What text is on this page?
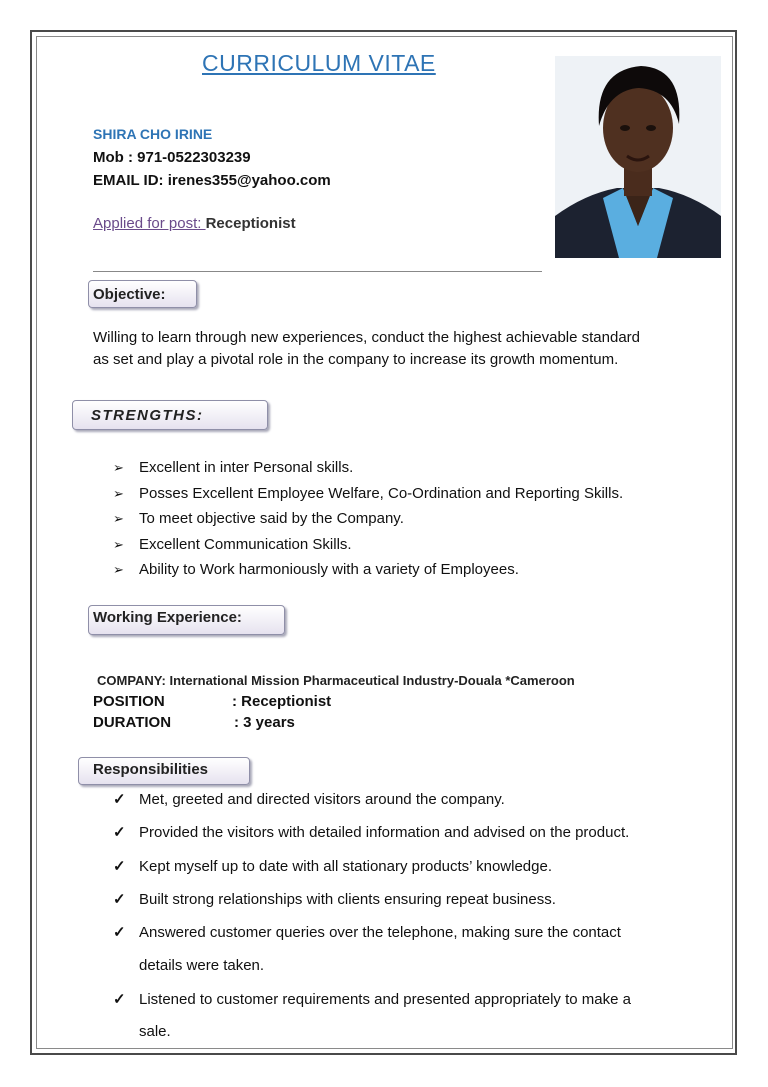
CURRICULUM VITAE
SHIRA CHO IRINE
Mob : 971-0522303239
EMAIL ID: irenes355@yahoo.com
Applied for post: Receptionist
Objective:
Willing to learn through new experiences, conduct the highest achievable standard
as set and play a pivotal role in the company to increase its growth momentum.
STRENGTHS:
➢ Excellent in inter Personal skills.
➢ Posses Excellent Employee Welfare, Co-Ordination and Reporting Skills.
➢ To meet objective said by the Company.
➢ Excellent Communication Skills.
➢ Ability to Work harmoniously with a variety of Employees.
Working Experience:
COMPANY: International Mission Pharmaceutical Industry-Douala *Cameroon
POSITION	: Receptionist
DURATION	: 3 years
Responsibilities
✓ Met, greeted and directed visitors around the company.
✓ Provided the visitors with detailed information and advised on the product.
✓ Kept myself up to date with all stationary products’ knowledge.
✓ Built strong relationships with clients ensuring repeat business.
✓ Answered customer queries over the telephone, making sure the contact
details were taken.
✓ Listened to customer requirements and presented appropriately to make a
sale.
